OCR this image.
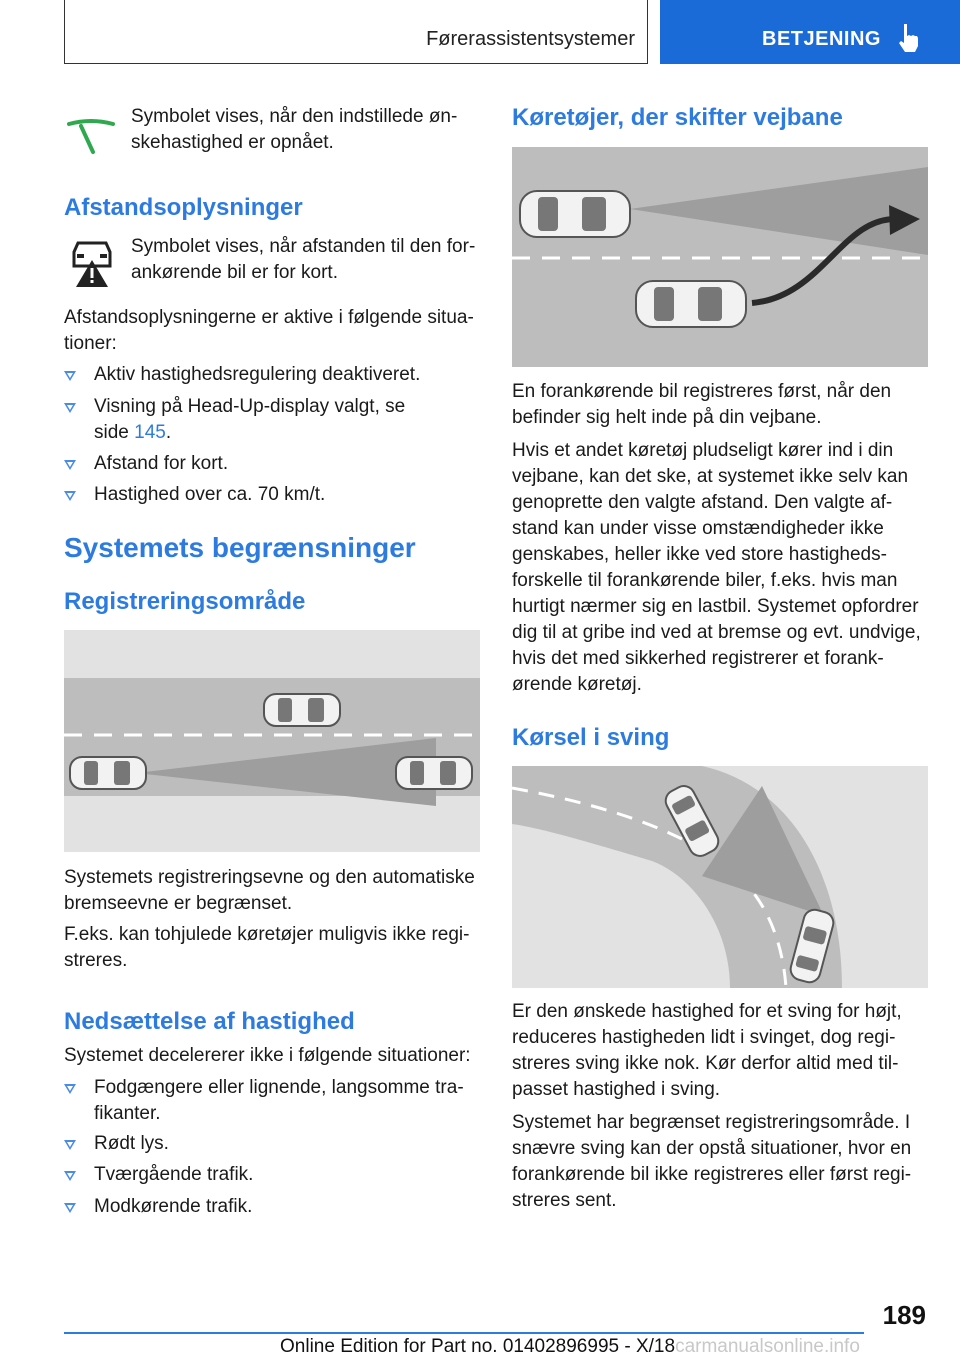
Førerassistentsystemer	BETJENING

Symbolet vises, når den indstillede øn-

skehastighed er opnået.

Afstandsoplysninger

Symbolet vises, når afstanden til den for-

ankørende bil er for kort.

Afstandsoplysningerne er aktive i følgende situa-

tioner:

Aktiv hastighedsregulering deaktiveret.
Visning på Head-Up-display valgt, se
side 145.
Afstand for kort.
Hastighed over ca. 70 km/t.
Systemets begrænsninger
Registreringsområde

Systemets registreringsevne og den automatiske

bremseevne er begrænset.

F.eks. kan tohjulede køretøjer muligvis ikke regi-

streres.

Nedsættelse af hastighed

Systemet decelererer ikke i følgende situationer:

Fodgængere eller lignende, langsomme tra-
fikanter.
Rødt lys.
Tværgående trafik.
Modkørende trafik.
Køretøjer, der skifter vejbane

En forankørende bil registreres først, når den

befinder sig helt inde på din vejbane.

Hvis et andet køretøj pludseligt kører ind i din

vejbane, kan det ske, at systemet ikke selv kan

genoprette den valgte afstand. Den valgte af-

stand kan under visse omstændigheder ikke

genskabes, heller ikke ved store hastigheds-

forskelle til forankørende biler, f.eks. hvis man

hurtigt nærmer sig en lastbil. Systemet opfordrer

dig til at gribe ind ved at bremse og evt. undvige,

hvis det med sikkerhed registrerer et forank-

ørende køretøj.

Kørsel i sving

Er den ønskede hastighed for et sving for højt,

reduceres hastigheden lidt i svinget, dog regi-

streres sving ikke nok. Kør derfor altid med til-

passet hastighed i sving.

Systemet har begrænset registreringsområde. I

snævre sving kan der opstå situationer, hvor en

forankørende bil ikke registreres eller først regi-

streres sent.

189
Online Edition for Part no. 01402896995 - X/18carmanualsonline.info
